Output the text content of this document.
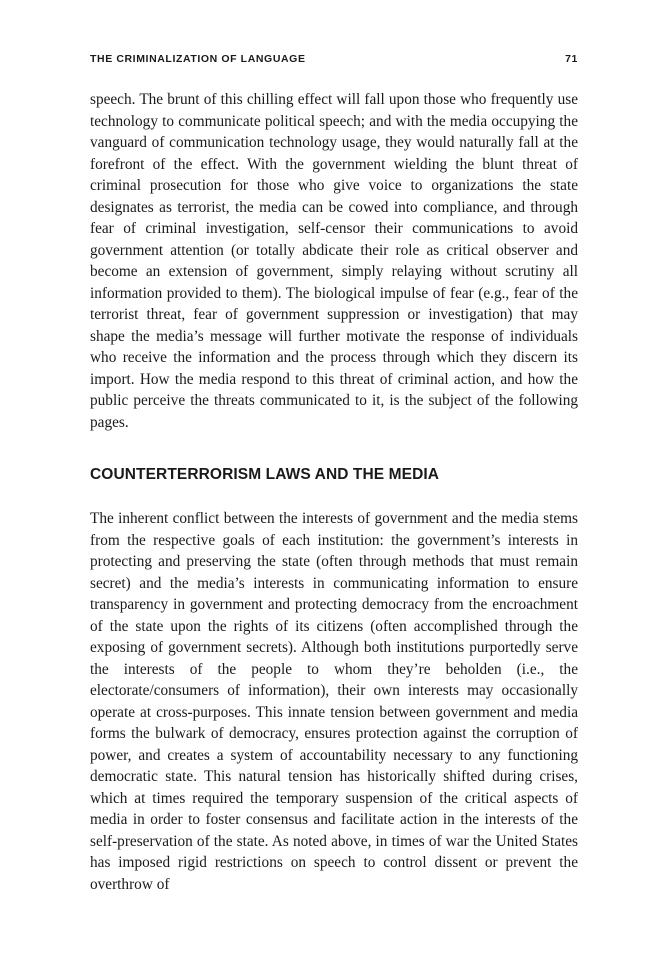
THE CRIMINALIZATION OF LANGUAGE	71

speech. The brunt of this chilling effect will fall upon those who frequently use technology to communicate political speech; and with the media occupying the vanguard of communication technology usage, they would naturally fall at the forefront of the effect. With the government wielding the blunt threat of criminal prosecution for those who give voice to organizations the state designates as terrorist, the media can be cowed into compliance, and through fear of criminal investigation, self-censor their communications to avoid government attention (or totally abdicate their role as critical observer and become an extension of government, simply relaying without scrutiny all information provided to them). The biological impulse of fear (e.g., fear of the terrorist threat, fear of government suppression or investigation) that may shape the media’s message will further motivate the response of individuals who receive the information and the process through which they discern its import. How the media respond to this threat of criminal action, and how the public perceive the threats communicated to it, is the subject of the following pages.

COUNTERTERRORISM LAWS AND THE MEDIA

The inherent conflict between the interests of government and the media stems from the respective goals of each institution: the government’s interests in protecting and preserving the state (often through methods that must remain secret) and the media’s interests in communicating information to ensure transparency in government and protecting democracy from the encroachment of the state upon the rights of its citizens (often accomplished through the exposing of government secrets). Although both institutions purportedly serve the interests of the people to whom they’re beholden (i.e., the electorate/consumers of information), their own interests may occasionally operate at cross-purposes. This innate tension between government and media forms the bulwark of democracy, ensures protection against the corruption of power, and creates a system of accountability necessary to any functioning democratic state. This natural tension has historically shifted during crises, which at times required the temporary suspension of the critical aspects of media in order to foster consensus and facilitate action in the interests of the self-preservation of the state. As noted above, in times of war the United States has imposed rigid restrictions on speech to control dissent or prevent the overthrow of
